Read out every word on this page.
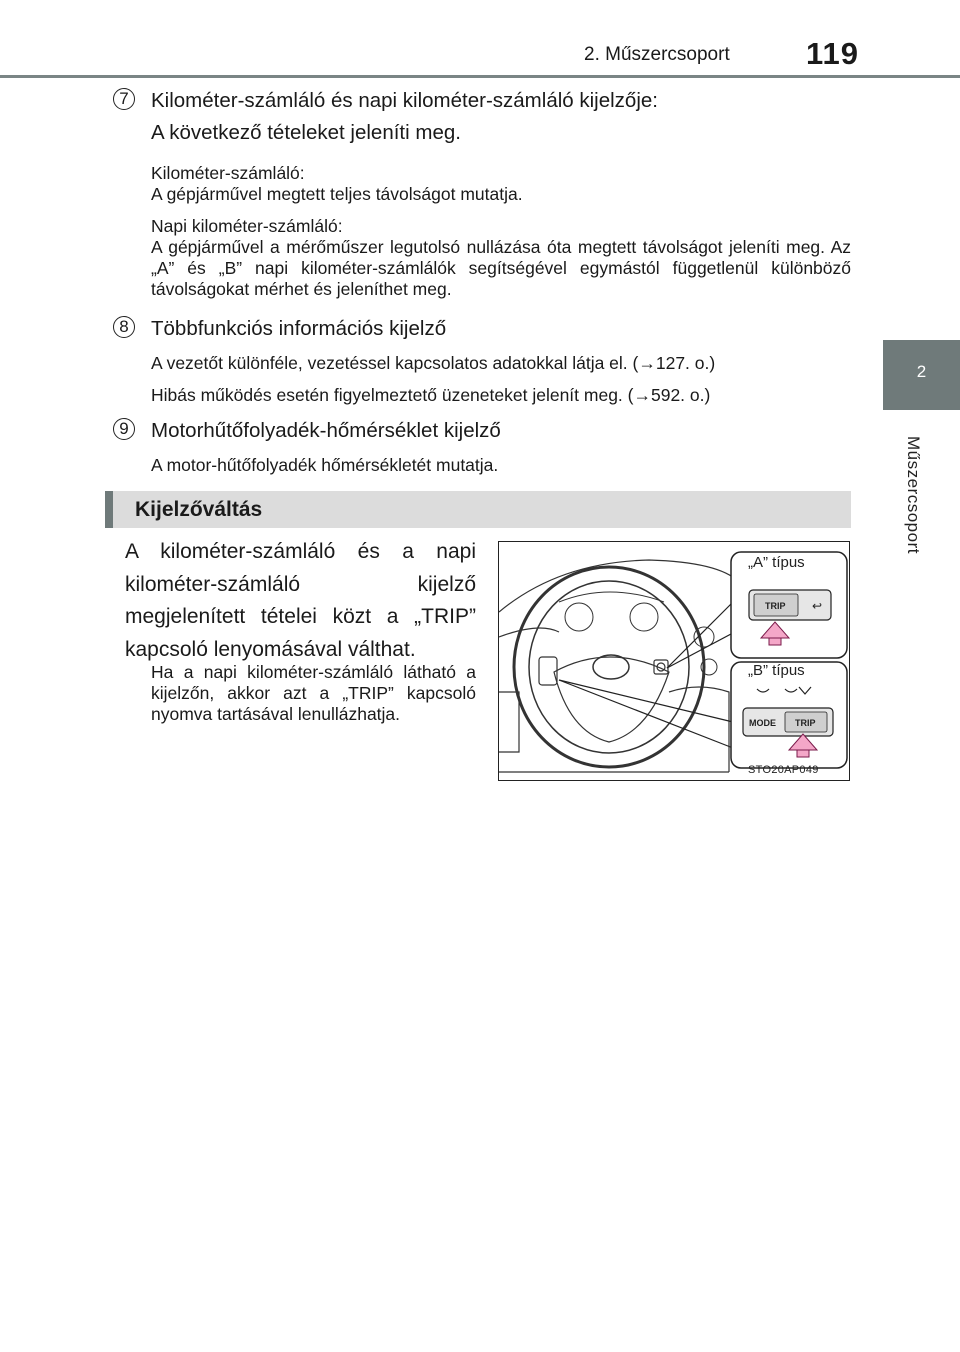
2. Műszercsoport 119
2
Műszercsoport
7	Kilométer-számláló és napi kilométer-számláló kijelzője:
A következő tételeket jeleníti meg.
Kilométer-számláló:
A gépjárművel megtett teljes távolságot mutatja.
Napi kilométer-számláló:
A gépjárművel a mérőműszer legutolsó nullázása óta megtett távolságot jeleníti meg. Az „A” és „B” napi kilométer-számlálók segítségével egymástól függetlenül különböző távolságokat mérhet és jeleníthet meg.
8	Többfunkciós információs kijelző
A vezetőt különféle, vezetéssel kapcsolatos adatokkal látja el. (→127. o.)
Hibás működés esetén figyelmeztető üzeneteket jelenít meg. (→592. o.)
9	Motorhűtőfolyadék-hőmérséklet kijelző
A motor-hűtőfolyadék hőmérsékletét mutatja.
Kijelzőváltás
A kilométer-számláló és a napi kilométer-számláló kijelző megjelenített tételei közt a „TRIP” kapcsoló lenyomásával válthat.
Ha a napi kilométer-számláló látható a kijelzőn, akkor azt a „TRIP” kapcsoló nyomva tartásával lenullázhatja.
TRIP ↩
MODE TRIP
„A” típus
„B” típus
STO20AP049
